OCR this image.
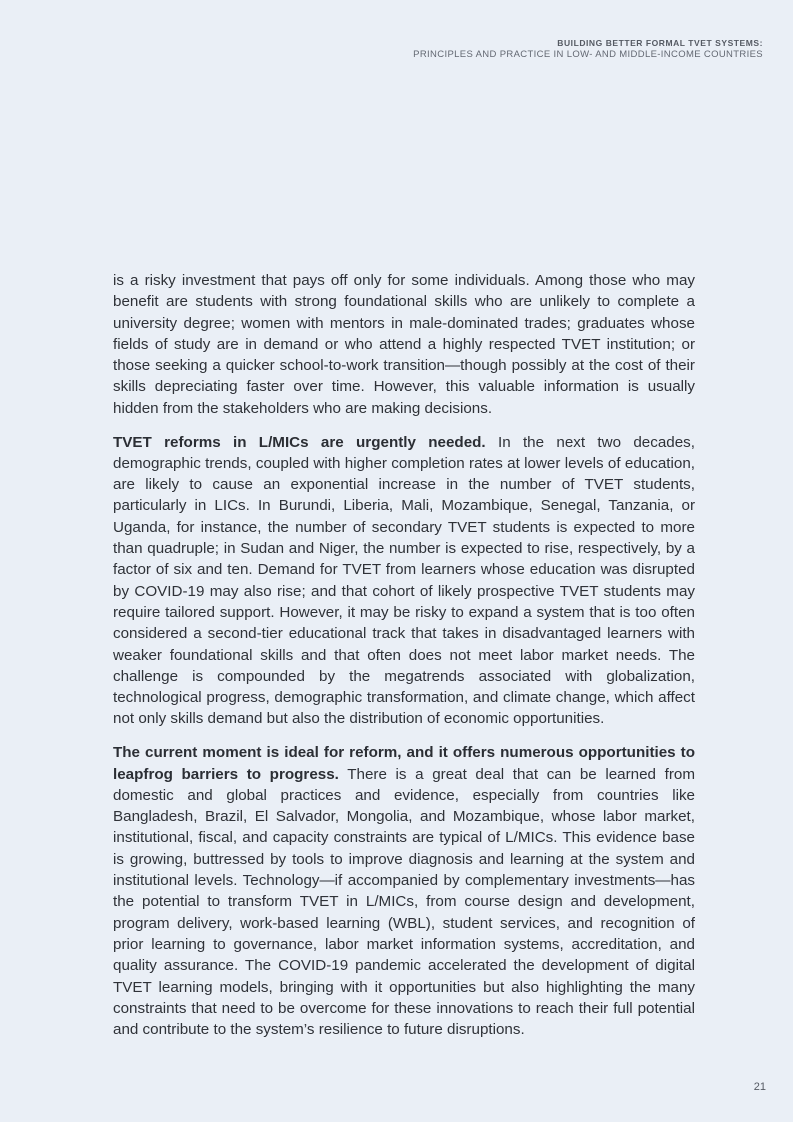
BUILDING BETTER FORMAL TVET SYSTEMS:
PRINCIPLES AND PRACTICE IN LOW- AND MIDDLE-INCOME COUNTRIES

is a risky investment that pays off only for some individuals. Among those who may benefit are students with strong foundational skills who are unlikely to complete a university degree; women with mentors in male-dominated trades; graduates whose fields of study are in demand or who attend a highly respected TVET institution; or those seeking a quicker school-to-work transition—though possibly at the cost of their skills depreciating faster over time. However, this valuable information is usually hidden from the stakeholders who are making decisions.

TVET reforms in L/MICs are urgently needed. In the next two decades, demographic trends, coupled with higher completion rates at lower levels of education, are likely to cause an exponential increase in the number of TVET students, particularly in LICs. In Burundi, Liberia, Mali, Mozambique, Senegal, Tanzania, or Uganda, for instance, the number of secondary TVET students is expected to more than quadruple; in Sudan and Niger, the number is expected to rise, respectively, by a factor of six and ten. Demand for TVET from learners whose education was disrupted by COVID-19 may also rise; and that cohort of likely prospective TVET students may require tailored support. However, it may be risky to expand a system that is too often considered a second-tier educational track that takes in disadvantaged learners with weaker foundational skills and that often does not meet labor market needs. The challenge is compounded by the megatrends associated with globalization, technological progress, demographic transformation, and climate change, which affect not only skills demand but also the distribution of economic opportunities.

The current moment is ideal for reform, and it offers numerous opportunities to leapfrog barriers to progress. There is a great deal that can be learned from domestic and global practices and evidence, especially from countries like Bangladesh, Brazil, El Salvador, Mongolia, and Mozambique, whose labor market, institutional, fiscal, and capacity constraints are typical of L/MICs. This evidence base is growing, buttressed by tools to improve diagnosis and learning at the system and institutional levels. Technology—if accompanied by complementary investments—has the potential to transform TVET in L/MICs, from course design and development, program delivery, work-based learning (WBL), student services, and recognition of prior learning to governance, labor market information systems, accreditation, and quality assurance. The COVID-19 pandemic accelerated the development of digital TVET learning models, bringing with it opportunities but also highlighting the many constraints that need to be overcome for these innovations to reach their full potential and contribute to the system’s resilience to future disruptions.

21
